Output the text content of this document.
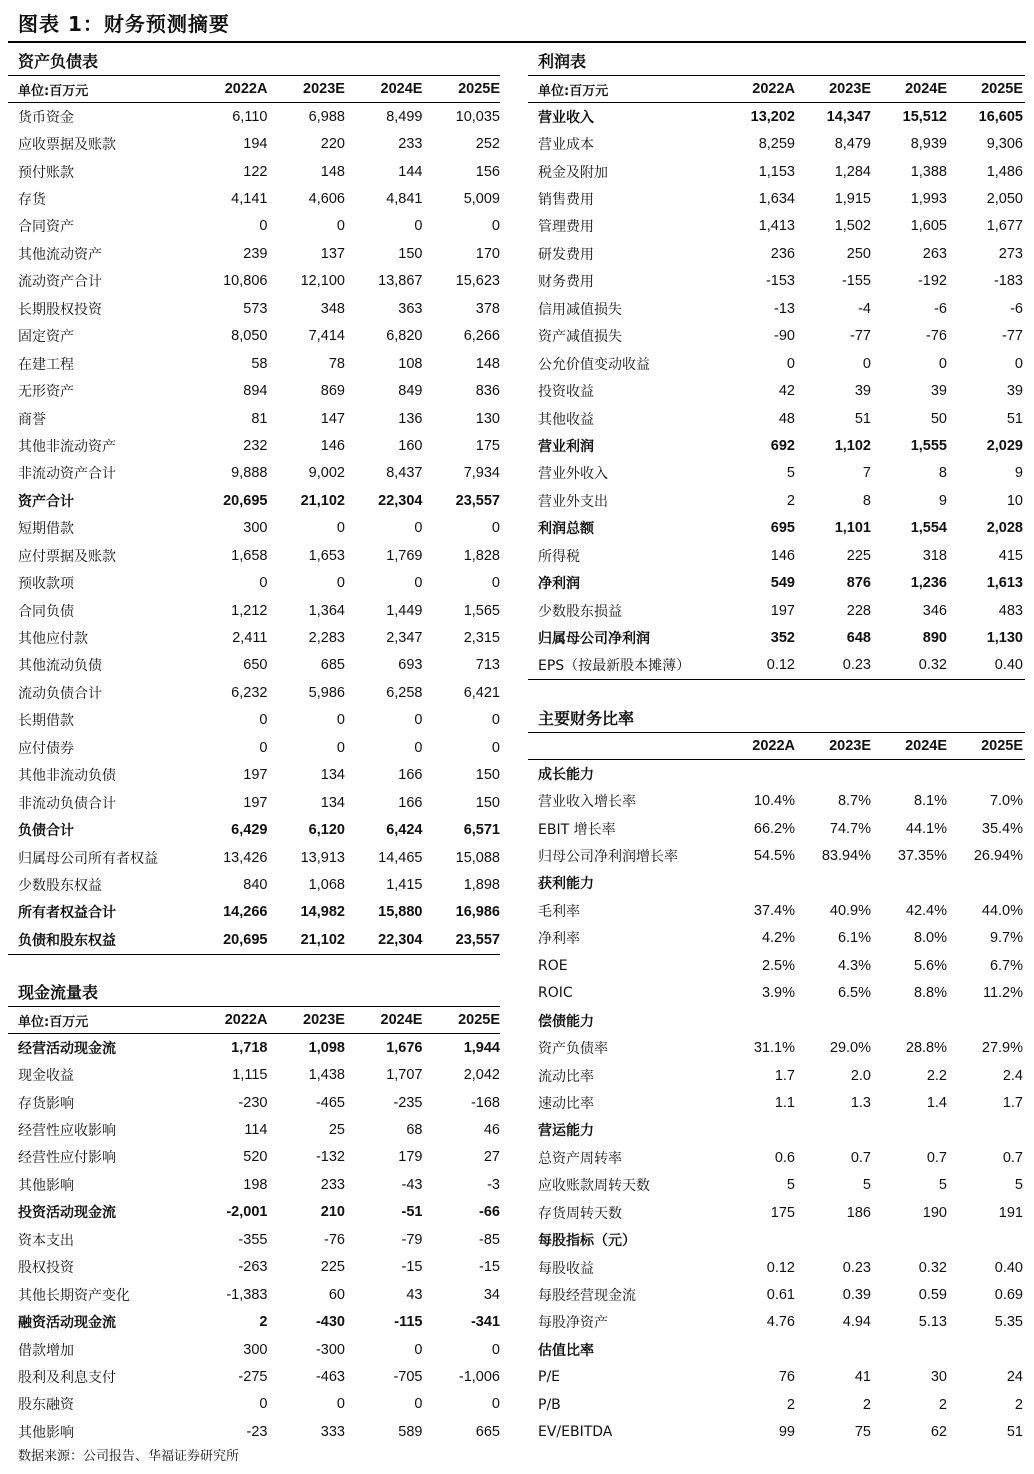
图表 1：财务预测摘要
资产负债表
单位:百万元	2022A	2023E	2024E	2025E
货币资金	6,110	6,988	8,499	10,035
应收票据及账款	194	220	233	252
预付账款	122	148	144	156
存货	4,141	4,606	4,841	5,009
合同资产	0	0	0	0
其他流动资产	239	137	150	170
流动资产合计	10,806	12,100	13,867	15,623
长期股权投资	573	348	363	378
固定资产	8,050	7,414	6,820	6,266
在建工程	58	78	108	148
无形资产	894	869	849	836
商誉	81	147	136	130
其他非流动资产	232	146	160	175
非流动资产合计	9,888	9,002	8,437	7,934
资产合计	20,695	21,102	22,304	23,557
短期借款	300	0	0	0
应付票据及账款	1,658	1,653	1,769	1,828
预收款项	0	0	0	0
合同负债	1,212	1,364	1,449	1,565
其他应付款	2,411	2,283	2,347	2,315
其他流动负债	650	685	693	713
流动负债合计	6,232	5,986	6,258	6,421
长期借款	0	0	0	0
应付债券	0	0	0	0
其他非流动负债	197	134	166	150
非流动负债合计	197	134	166	150
负债合计	6,429	6,120	6,424	6,571
归属母公司所有者权益	13,426	13,913	14,465	15,088
少数股东权益	840	1,068	1,415	1,898
所有者权益合计	14,266	14,982	15,880	16,986
负债和股东权益	20,695	21,102	22,304	23,557
现金流量表
单位:百万元	2022A	2023E	2024E	2025E
经营活动现金流	1,718	1,098	1,676	1,944
现金收益	1,115	1,438	1,707	2,042
存货影响	-230	-465	-235	-168
经营性应收影响	114	25	68	46
经营性应付影响	520	-132	179	27
其他影响	198	233	-43	-3
投资活动现金流	-2,001	210	-51	-66
资本支出	-355	-76	-79	-85
股权投资	-263	225	-15	-15
其他长期资产变化	-1,383	60	43	34
融资活动现金流	2	-430	-115	-341
借款增加	300	-300	0	0
股利及利息支付	-275	-463	-705	-1,006
股东融资	0	0	0	0
其他影响	-23	333	589	665
利润表
单位:百万元	2022A	2023E	2024E	2025E
营业收入	13,202	14,347	15,512	16,605
营业成本	8,259	8,479	8,939	9,306
税金及附加	1,153	1,284	1,388	1,486
销售费用	1,634	1,915	1,993	2,050
管理费用	1,413	1,502	1,605	1,677
研发费用	236	250	263	273
财务费用	-153	-155	-192	-183
信用减值损失	-13	-4	-6	-6
资产减值损失	-90	-77	-76	-77
公允价值变动收益	0	0	0	0
投资收益	42	39	39	39
其他收益	48	51	50	51
营业利润	692	1,102	1,555	2,029
营业外收入	5	7	8	9
营业外支出	2	8	9	10
利润总额	695	1,101	1,554	2,028
所得税	146	225	318	415
净利润	549	876	1,236	1,613
少数股东损益	197	228	346	483
归属母公司净利润	352	648	890	1,130
EPS（按最新股本摊薄）	0.12	0.23	0.32	0.40
主要财务比率
2022A	2023E	2024E	2025E
成长能力
营业收入增长率	10.4%	8.7%	8.1%	7.0%
EBIT 增长率	66.2%	74.7%	44.1%	35.4%
归母公司净利润增长率	54.5%	83.94%	37.35%	26.94%
获利能力
毛利率	37.4%	40.9%	42.4%	44.0%
净利率	4.2%	6.1%	8.0%	9.7%
ROE	2.5%	4.3%	5.6%	6.7%
ROIC	3.9%	6.5%	8.8%	11.2%
偿债能力
资产负债率	31.1%	29.0%	28.8%	27.9%
流动比率	1.7	2.0	2.2	2.4
速动比率	1.1	1.3	1.4	1.7
营运能力
总资产周转率	0.6	0.7	0.7	0.7
应收账款周转天数	5	5	5	5
存货周转天数	175	186	190	191
每股指标（元）
每股收益	0.12	0.23	0.32	0.40
每股经营现金流	0.61	0.39	0.59	0.69
每股净资产	4.76	4.94	5.13	5.35
估值比率
P/E	76	41	30	24
P/B	2	2	2	2
EV/EBITDA	99	75	62	51
数据来源：公司报告、华福证券研究所
